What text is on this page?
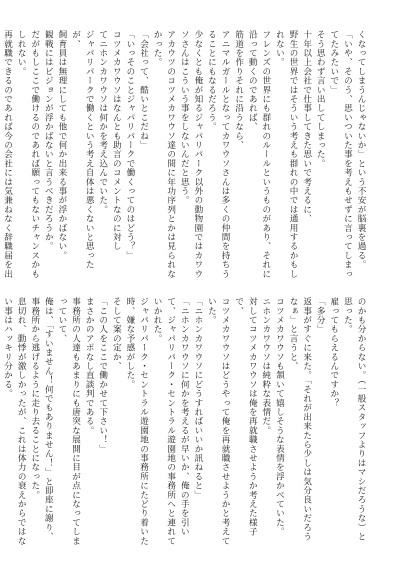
くなってしまうんじゃないか」という不安が脳裏を過る。
「いや、そのう、思いついた事を考えもせずに言ってしまってたみたいで」
そう思わず言い出してしまった。
十年以上会社で仕事してきた思いで考えるに、
野生の世界ではそういう考えも群れの中では通用するかもしれない。
フレンズの世界にも群れのルールというものがあり、それに沿って動くのであれば、
筋道を作りそれに沿うなら、
アニマルガールとなってカワウソさんは多くの仲間を持ちうることにもなるだろう。
少なくとも俺が知るジャパリパーク以外の動物園ではカワウソさんはこういう事をしないんだと思う。
アカウツのコツメカワウソ達の間に年功序列とかは見られなかった。
「会社って、酷いとこだね」
「いっそのことジャパリパークで働くってのはどう？」
コツメカワウソはなんとも助言のコメントなのに対し
てニホンカワウソは何かを考え込んでいた。
ジャパリパークで働くという考え自体は悪くないと思ったが、
飼育員は無理にしても他で何か出来る事が浮かばない。
観戦にはビジョンが浮かばないと言うべきだろうか。
だがもしここで働けるのであれば願ってもないチャンスかもしれない。
再就職できるのであれば今の会社には気兼ねなく辞職届を出

のかも分からない。（一般スタッフよりはマシだろうな）と思った。
雇ってもらえるんですか？
「多分」
返事がすぐに来た。「それが出来たら少しは気分良いだろうなぁ」と言うと、
コツメカワウソも頷いて嬉しそうな表情を浮かべていた。
ニホンカワウソは純粋な表情だ。
対してコツメカワウソは俺を再就職させようか考えた様子で、
コツメカワウソはどうやって俺を再就職させようかと考えていた。
「ニホンカワウソにどうすればいいか訊ねると」
「ニホンカワウソに何かを考えるが早いか、俺の手を引いて、ジャパリパーク・セントラル遊園地の事務所へと連れていかれた。
ジャパリパーク・セントラル遊園地の事務所にたどり着いた時、嫌な予感がした。
そして案の定か、
「この人をここで働かせて下さい！」
まさかのアポなし直談判である。
事務所の人達もあまりにも唐突な展開に目が点になってしまっていて、
俺は、「すいません！何でもありません！」と即座に謝り、
事務所から逃げるように走り去ることになった。
息切れ、動悸が激しかったが、これは体力の衰えからではない事はハッキリ分かる。
